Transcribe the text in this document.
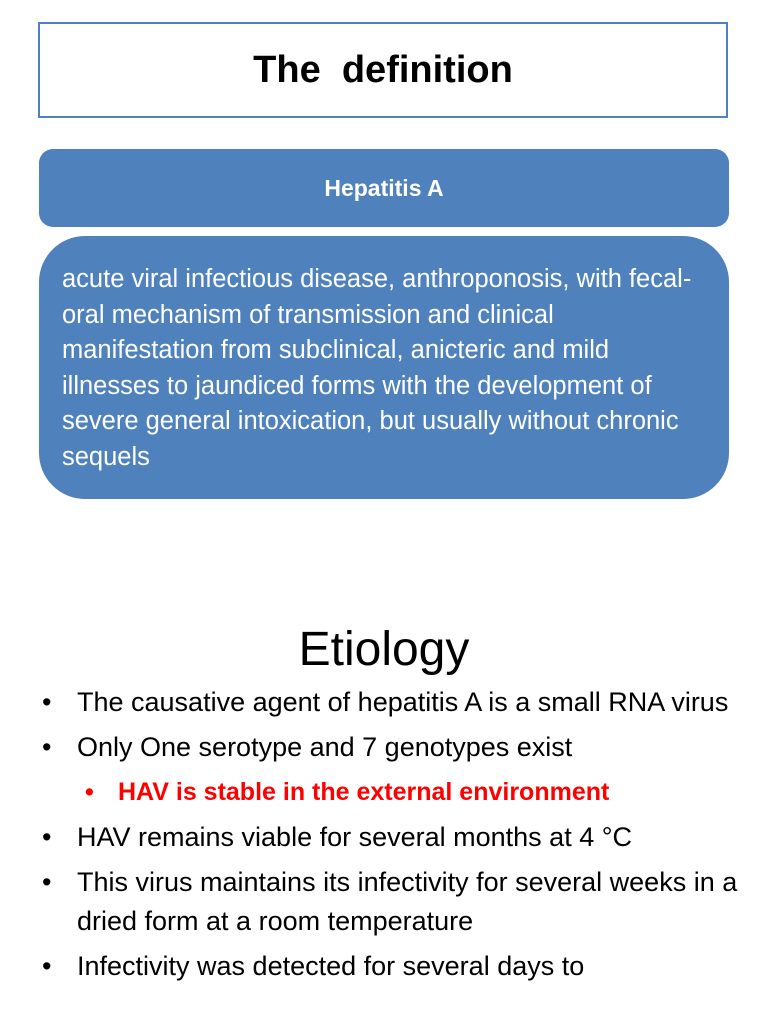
The  definition
Hepatitis A

acute viral infectious disease, anthroponosis, with fecal-oral mechanism of transmission and clinical manifestation from subclinical, anicteric and mild illnesses to jaundiced forms with the development of severe general intoxication, but usually without chronic sequels

Etiology
• The causative agent of hepatitis A is a small RNA virus
• Only One serotype and 7 genotypes exist
• HAV is stable in the external environment
• HAV remains viable for several months at 4 °C
• This virus maintains its infectivity for several weeks in a dried form at a room temperature
• Infectivity was detected for several days to
